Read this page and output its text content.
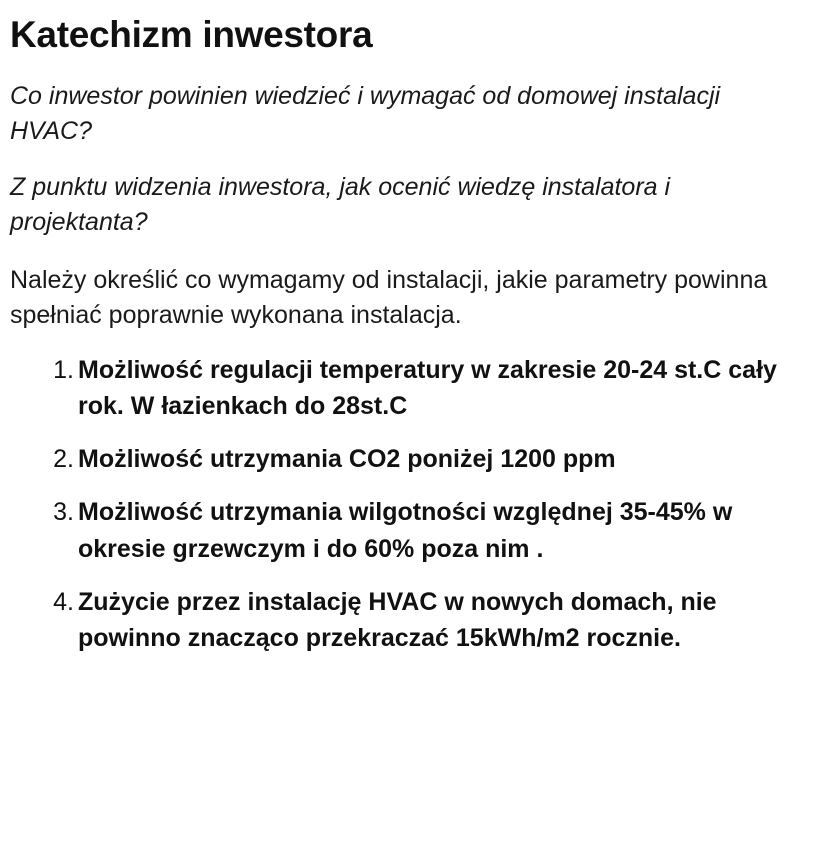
Katechizm inwestora

Co inwestor powinien wiedzieć i wymagać od domowej instalacji HVAC?

Z punktu widzenia inwestora, jak ocenić wiedzę instalatora i projektanta?

Należy określić co wymagamy od instalacji, jakie parametry powinna spełniać poprawnie wykonana instalacja.

1. Możliwość regulacji temperatury w zakresie 20-24 st.C cały rok. W łazienkach do 28st.C
2. Możliwość utrzymania CO2 poniżej 1200 ppm
3. Możliwość utrzymania wilgotności względnej 35-45% w okresie grzewczym i do 60% poza nim .
4. Zużycie przez instalację HVAC w nowych domach, nie powinno znacząco przekraczać 15kWh/m2 rocznie.
